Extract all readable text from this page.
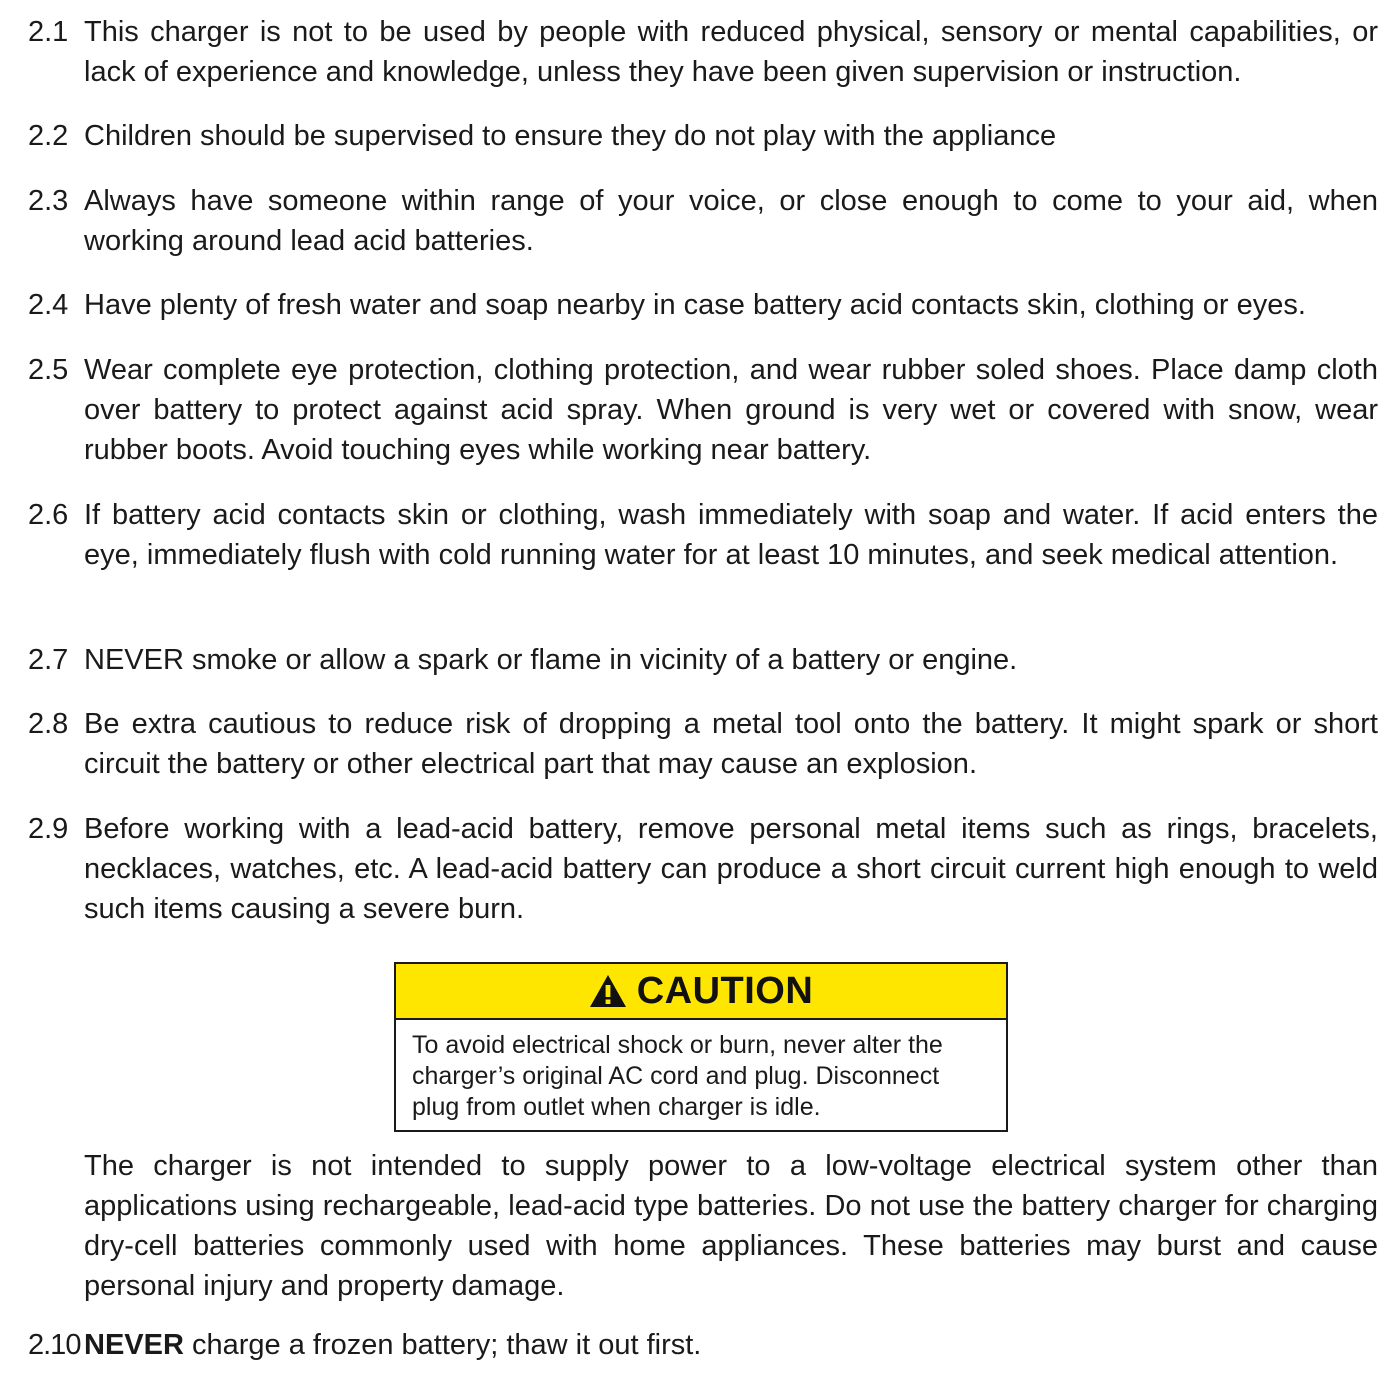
2.1 This charger is not to be used by people with reduced physical, sensory or mental capabilities, or lack of experience and knowledge, unless they have been given supervision or instruction.
2.2 Children should be supervised to ensure they do not play with the appliance
2.3 Always have someone within range of your voice, or close enough to come to your aid, when working around lead acid batteries.
2.4 Have plenty of fresh water and soap nearby in case battery acid contacts skin, clothing or eyes.
2.5 Wear complete eye protection, clothing protection, and wear rubber soled shoes. Place damp cloth over battery to protect against acid spray. When ground is very wet or covered with snow, wear rubber boots. Avoid touching eyes while working near battery.
2.6 If battery acid contacts skin or clothing, wash immediately with soap and water. If acid enters the eye, immediately flush with cold running water for at least 10 minutes, and seek medical attention.
2.7 NEVER smoke or allow a spark or flame in vicinity of a battery or engine.
2.8 Be extra cautious to reduce risk of dropping a metal tool onto the battery. It might spark or short circuit the battery or other electrical part that may cause an explosion.
2.9 Before working with a lead-acid battery, remove personal metal items such as rings, bracelets, necklaces, watches, etc. A lead-acid battery can produce a short circuit current high enough to weld such items causing a severe burn.
CAUTION
To avoid electrical shock or burn, never alter the charger’s original AC cord and plug. Disconnect plug from outlet when charger is idle.
The charger is not intended to supply power to a low-voltage electrical system other than applications using rechargeable, lead-acid type batteries. Do not use the battery charger for charging dry-cell batteries commonly used with home appliances. These batteries may burst and cause personal injury and property damage.
2.10 NEVER charge a frozen battery; thaw it out first.
